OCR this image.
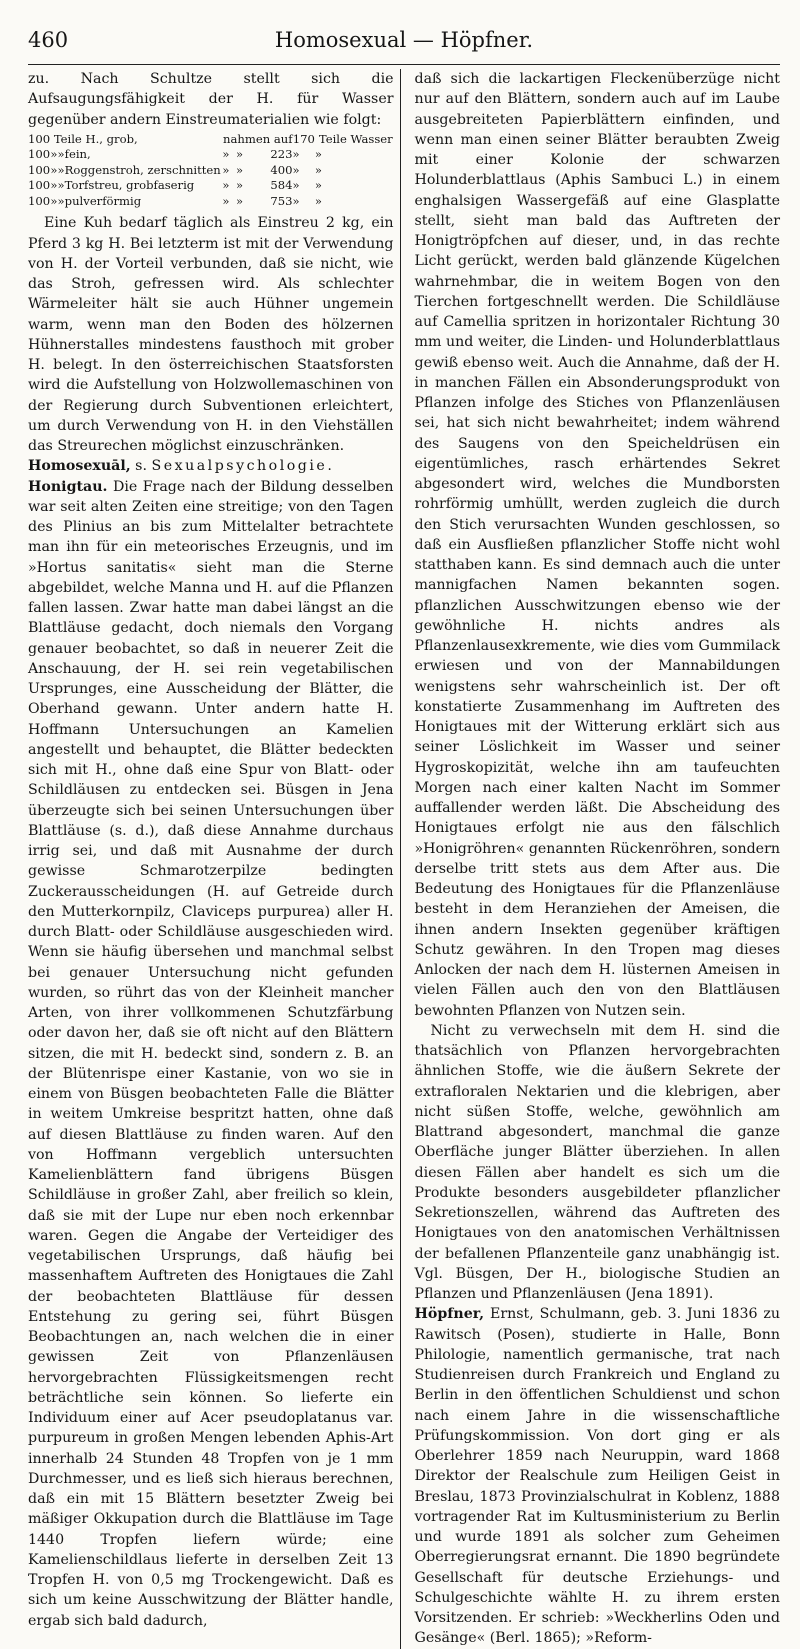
460	Homosexual — Höpfner.

zu. Nach Schultze stellt sich die Aufsaugungsfähigkeit der H. für Wasser gegenüber andern Einstreumaterialien wie folgt:

100 Teile H., grob,				nahmen auf			170	Teile Wasser
100	»	»	fein,	»	»	223	»	»
100	»	»	Roggenstroh, zerschnitten	»	»	400	»	»
100	»	»	Torfstreu, grobfaserig	»	»	584	»	»
100	»	»	pulverförmig	»	»	753	»	»

Eine Kuh bedarf täglich als Einstreu 2 kg, ein Pferd 3 kg H. Bei letzterm ist mit der Verwendung von H. der Vorteil verbunden, daß sie nicht, wie das Stroh, gefressen wird. Als schlechter Wärmeleiter hält sie auch Hühner ungemein warm, wenn man den Boden des hölzernen Hühnerstalles mindestens fausthoch mit grober H. belegt. In den österreichischen Staatsforsten wird die Aufstellung von Holzwollemaschinen von der Regierung durch Subventionen erleichtert, um durch Verwendung von H. in den Viehställen das Streurechen möglichst einzuschränken.

Homosexuāl, s. Sexualpsychologie.

Honigtau. Die Frage nach der Bildung desselben war seit alten Zeiten eine streitige; von den Tagen des Plinius an bis zum Mittelalter betrachtete man ihn für ein meteorisches Erzeugnis, und im »Hortus sanitatis« sieht man die Sterne abgebildet, welche Manna und H. auf die Pflanzen fallen lassen. Zwar hatte man dabei längst an die Blattläuse gedacht, doch niemals den Vorgang genauer beobachtet, so daß in neuerer Zeit die Anschauung, der H. sei rein vegetabilischen Ursprunges, eine Ausscheidung der Blätter, die Oberhand gewann. Unter andern hatte H. Hoffmann Untersuchungen an Kamelien angestellt und behauptet, die Blätter bedeckten sich mit H., ohne daß eine Spur von Blatt- oder Schildläusen zu entdecken sei. Büsgen in Jena überzeugte sich bei seinen Untersuchungen über Blattläuse (s. d.), daß diese Annahme durchaus irrig sei, und daß mit Ausnahme der durch gewisse Schmarotzerpilze bedingten Zuckerausscheidungen (H. auf Getreide durch den Mutterkornpilz, Claviceps purpurea) aller H. durch Blatt- oder Schildläuse ausgeschieden wird. Wenn sie häufig übersehen und manchmal selbst bei genauer Untersuchung nicht gefunden wurden, so rührt das von der Kleinheit mancher Arten, von ihrer vollkommenen Schutzfärbung oder davon her, daß sie oft nicht auf den Blättern sitzen, die mit H. bedeckt sind, sondern z. B. an der Blütenrispe einer Kastanie, von wo sie in einem von Büsgen beobachteten Falle die Blätter in weitem Umkreise bespritzt hatten, ohne daß auf diesen Blattläuse zu finden waren. Auf den von Hoffmann vergeblich untersuchten Kamelienblättern fand übrigens Büsgen Schildläuse in großer Zahl, aber freilich so klein, daß sie mit der Lupe nur eben noch erkennbar waren. Gegen die Angabe der Verteidiger des vegetabilischen Ursprungs, daß häufig bei massenhaftem Auftreten des Honigtaues die Zahl der beobachteten Blattläuse für dessen Entstehung zu gering sei, führt Büsgen Beobachtungen an, nach welchen die in einer gewissen Zeit von Pflanzenläusen hervorgebrachten Flüssigkeitsmengen recht beträchtliche sein können. So lieferte ein Individuum einer auf Acer pseudoplatanus var. purpureum in großen Mengen lebenden Aphis-Art innerhalb 24 Stunden 48 Tropfen von je 1 mm Durchmesser, und es ließ sich hieraus berechnen, daß ein mit 15 Blättern besetzter Zweig bei mäßiger Okkupation durch die Blattläuse im Tage 1440 Tropfen liefern würde; eine Kamelienschildlaus lieferte in derselben Zeit 13 Tropfen H. von 0,5 mg Trockengewicht. Daß es sich um keine Ausschwitzung der Blätter handle, ergab sich bald dadurch,

daß sich die lackartigen Fleckenüberzüge nicht nur auf den Blättern, sondern auch auf im Laube ausgebreiteten Papierblättern einfinden, und wenn man einen seiner Blätter beraubten Zweig mit einer Kolonie der schwarzen Holunderblattlaus (Aphis Sambuci L.) in einem enghalsigen Wassergefäß auf eine Glasplatte stellt, sieht man bald das Auftreten der Honigtröpfchen auf dieser, und, in das rechte Licht gerückt, werden bald glänzende Kügelchen wahrnehmbar, die in weitem Bogen von den Tierchen fortgeschnellt werden. Die Schildläuse auf Camellia spritzen in horizontaler Richtung 30 mm und weiter, die Linden- und Holunderblattlaus gewiß ebenso weit. Auch die Annahme, daß der H. in manchen Fällen ein Absonderungsprodukt von Pflanzen infolge des Stiches von Pflanzenläusen sei, hat sich nicht bewahrheitet; indem während des Saugens von den Speicheldrüsen ein eigentümliches, rasch erhärtendes Sekret abgesondert wird, welches die Mundborsten rohrförmig umhüllt, werden zugleich die durch den Stich verursachten Wunden geschlossen, so daß ein Ausfließen pflanzlicher Stoffe nicht wohl statthaben kann. Es sind demnach auch die unter mannigfachen Namen bekannten sogen. pflanzlichen Ausschwitzungen ebenso wie der gewöhnliche H. nichts andres als Pflanzenlausexkremente, wie dies vom Gummilack erwiesen und von der Mannabildungen wenigstens sehr wahrscheinlich ist. Der oft konstatierte Zusammenhang im Auftreten des Honigtaues mit der Witterung erklärt sich aus seiner Löslichkeit im Wasser und seiner Hygroskopizität, welche ihn am taufeuchten Morgen nach einer kalten Nacht im Sommer auffallender werden läßt. Die Abscheidung des Honigtaues erfolgt nie aus den fälschlich »Honigröhren« genannten Rückenröhren, sondern derselbe tritt stets aus dem After aus. Die Bedeutung des Honigtaues für die Pflanzenläuse besteht in dem Heranziehen der Ameisen, die ihnen andern Insekten gegenüber kräftigen Schutz gewähren. In den Tropen mag dieses Anlocken der nach dem H. lüsternen Ameisen in vielen Fällen auch den von den Blattläusen bewohnten Pflanzen von Nutzen sein.

Nicht zu verwechseln mit dem H. sind die thatsächlich von Pflanzen hervorgebrachten ähnlichen Stoffe, wie die äußern Sekrete der extrafloralen Nektarien und die klebrigen, aber nicht süßen Stoffe, welche, gewöhnlich am Blattrand abgesondert, manchmal die ganze Oberfläche junger Blätter überziehen. In allen diesen Fällen aber handelt es sich um die Produkte besonders ausgebildeter pflanzlicher Sekretionszellen, während das Auftreten des Honigtaues von den anatomischen Verhältnissen der befallenen Pflanzenteile ganz unabhängig ist. Vgl. Büsgen, Der H., biologische Studien an Pflanzen und Pflanzenläusen (Jena 1891).

Höpfner, Ernst, Schulmann, geb. 3. Juni 1836 zu Rawitsch (Posen), studierte in Halle, Bonn Philologie, namentlich germanische, trat nach Studienreisen durch Frankreich und England zu Berlin in den öffentlichen Schuldienst und schon nach einem Jahre in die wissenschaftliche Prüfungskommission. Von dort ging er als Oberlehrer 1859 nach Neuruppin, ward 1868 Direktor der Realschule zum Heiligen Geist in Breslau, 1873 Provinzialschulrat in Koblenz, 1888 vortragender Rat im Kultusministerium zu Berlin und wurde 1891 als solcher zum Geheimen Oberregierungsrat ernannt. Die 1890 begründete Gesellschaft für deutsche Erziehungs- und Schulgeschichte wählte H. zu ihrem ersten Vorsitzenden. Er schrieb: »Weckherlins Oden und Gesänge« (Berl. 1865); »Reform-
